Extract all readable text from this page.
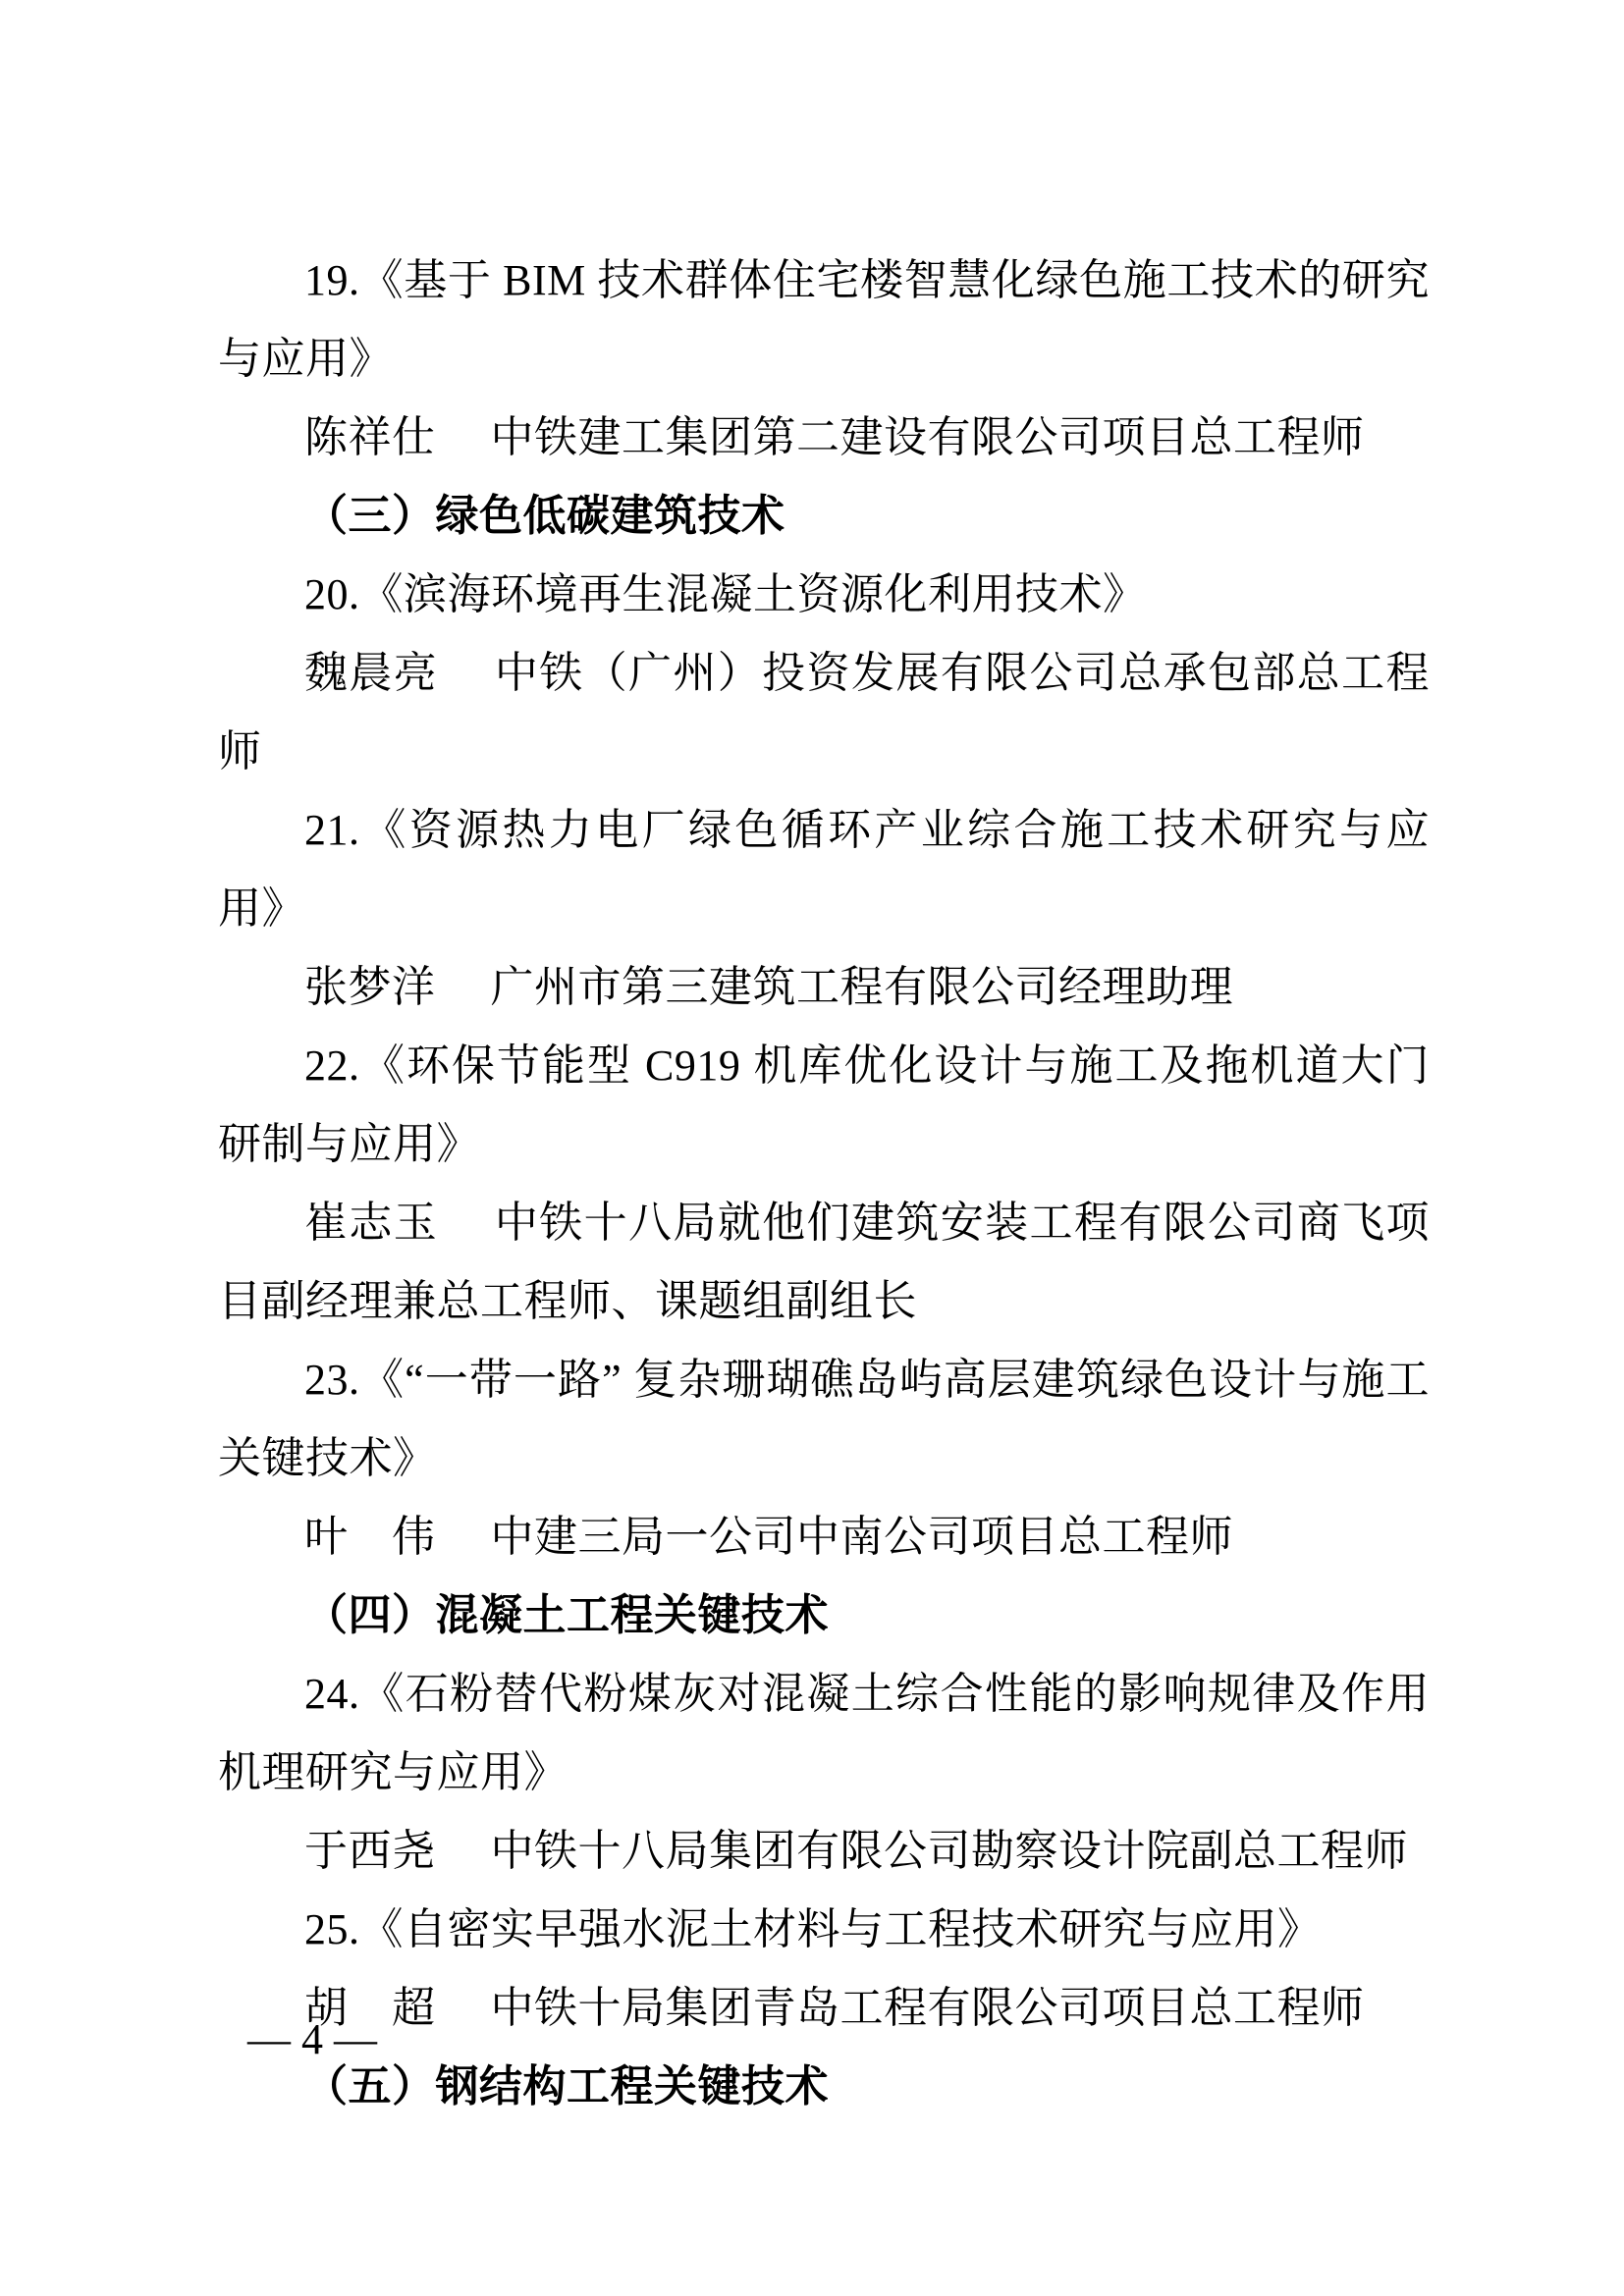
19.《基于 BIM 技术群体住宅楼智慧化绿色施工技术的研究与应用》

陈祥仕　 中铁建工集团第二建设有限公司项目总工程师

（三）绿色低碳建筑技术

20.《滨海环境再生混凝土资源化利用技术》

魏晨亮　 中铁（广州）投资发展有限公司总承包部总工程师

21.《资源热力电厂绿色循环产业综合施工技术研究与应用》

张梦洋　 广州市第三建筑工程有限公司经理助理

22.《环保节能型 C919 机库优化设计与施工及拖机道大门研制与应用》

崔志玉　 中铁十八局就他们建筑安装工程有限公司商飞项目副经理兼总工程师、课题组副组长

23.《“一带一路” 复杂珊瑚礁岛屿高层建筑绿色设计与施工关键技术》

叶　伟　 中建三局一公司中南公司项目总工程师

（四）混凝土工程关键技术

24.《石粉替代粉煤灰对混凝土综合性能的影响规律及作用机理研究与应用》

于西尧　 中铁十八局集团有限公司勘察设计院副总工程师

25.《自密实早强水泥土材料与工程技术研究与应用》

胡　超　 中铁十局集团青岛工程有限公司项目总工程师

（五）钢结构工程关键技术

— 4 —
